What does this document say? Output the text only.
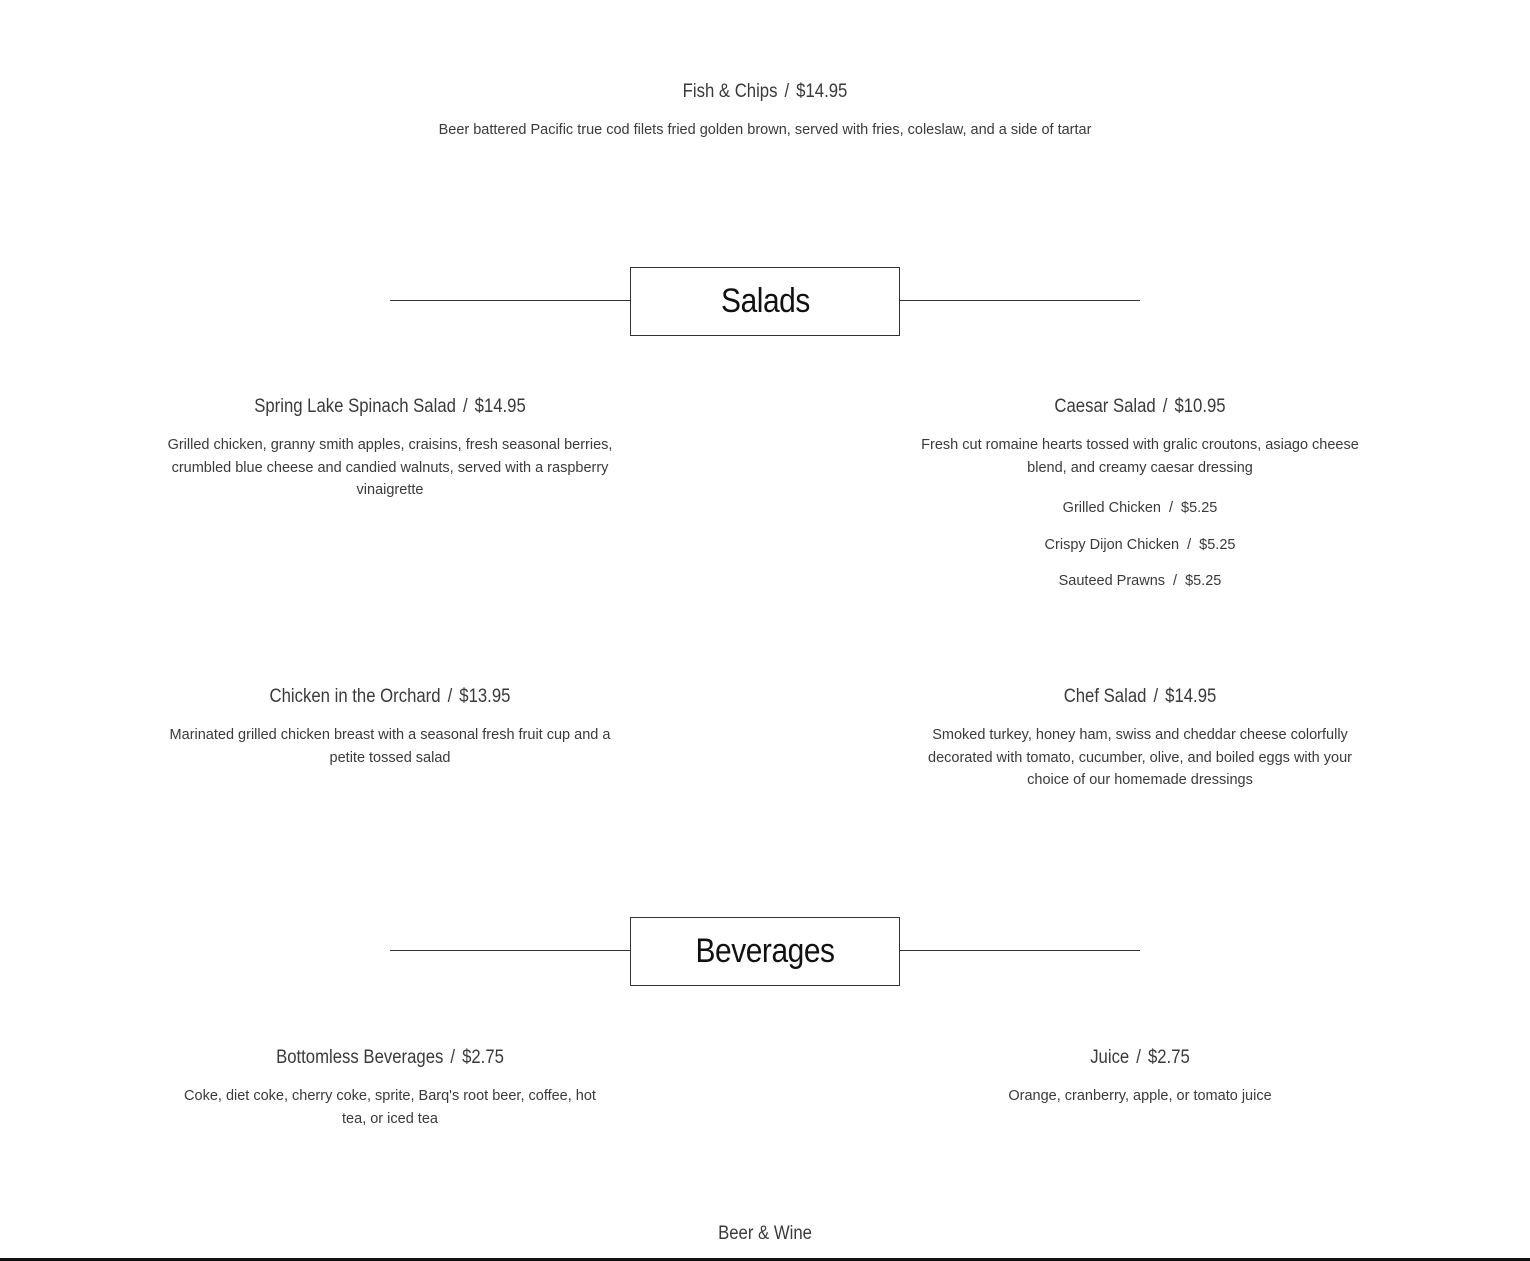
Fish & Chips / $14.95
Beer battered Pacific true cod filets fried golden brown, served with fries, coleslaw, and a side of tartar
Salads
Spring Lake Spinach Salad / $14.95
Grilled chicken, granny smith apples, craisins, fresh seasonal berries, crumbled blue cheese and candied walnuts, served with a raspberry vinaigrette
Caesar Salad / $10.95
Fresh cut romaine hearts tossed with gralic croutons, asiago cheese blend, and creamy caesar dressing
Grilled Chicken / $5.25
Crispy Dijon Chicken / $5.25
Sauteed Prawns / $5.25
Chicken in the Orchard / $13.95
Marinated grilled chicken breast with a seasonal fresh fruit cup and a petite tossed salad
Chef Salad / $14.95
Smoked turkey, honey ham, swiss and cheddar cheese colorfully decorated with tomato, cucumber, olive, and boiled eggs with your choice of our homemade dressings
Beverages
Bottomless Beverages / $2.75
Coke, diet coke, cherry coke, sprite, Barq's root beer, coffee, hot tea, or iced tea
Juice / $2.75
Orange, cranberry, apple, or tomato juice
Beer & Wine
